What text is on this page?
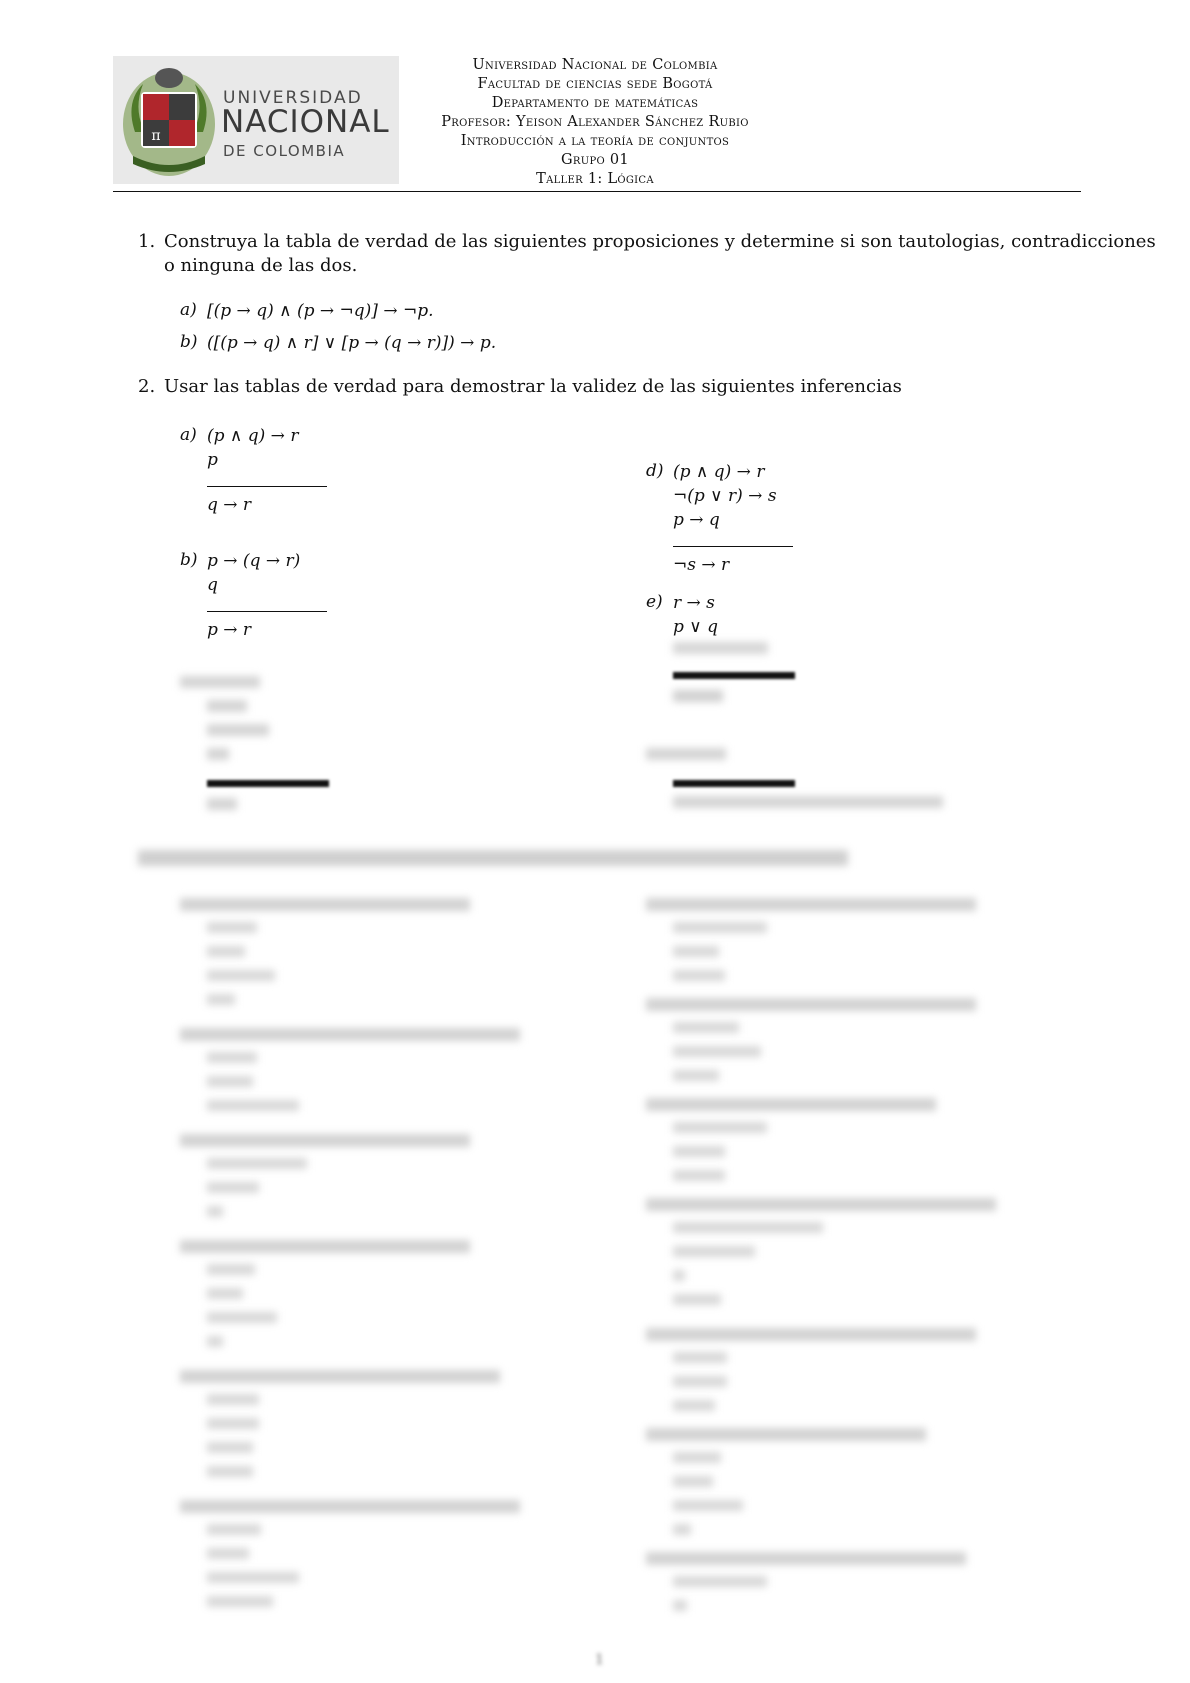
π
UNIVERSIDAD
NACIONAL
DE COLOMBIA
Universidad Nacional de Colombia
Facultad de ciencias sede Bogotá
Departamento de matemáticas
Profesor: Yeison Alexander Sánchez Rubio
Introducción a la teoría de conjuntos
Grupo 01
Taller 1: Lógica
1. Construya la tabla de verdad de las siguientes proposiciones y determine si son tautologias, contradicciones
o ninguna de las dos.
a) [(p → q) ∧ (p → ¬q)] → ¬p.
b) ([(p → q) ∧ r] ∨ [p → (q → r)]) → p.
2. Usar las tablas de verdad para demostrar la validez de las siguientes inferencias
a) (p ∧ q) → r
p
q → r
b) p → (q → r)
q
p → r
d) (p ∧ q) → r
¬(p ∨ r) → s
p → q
¬s → r
e) r → s
p ∨ q
1
